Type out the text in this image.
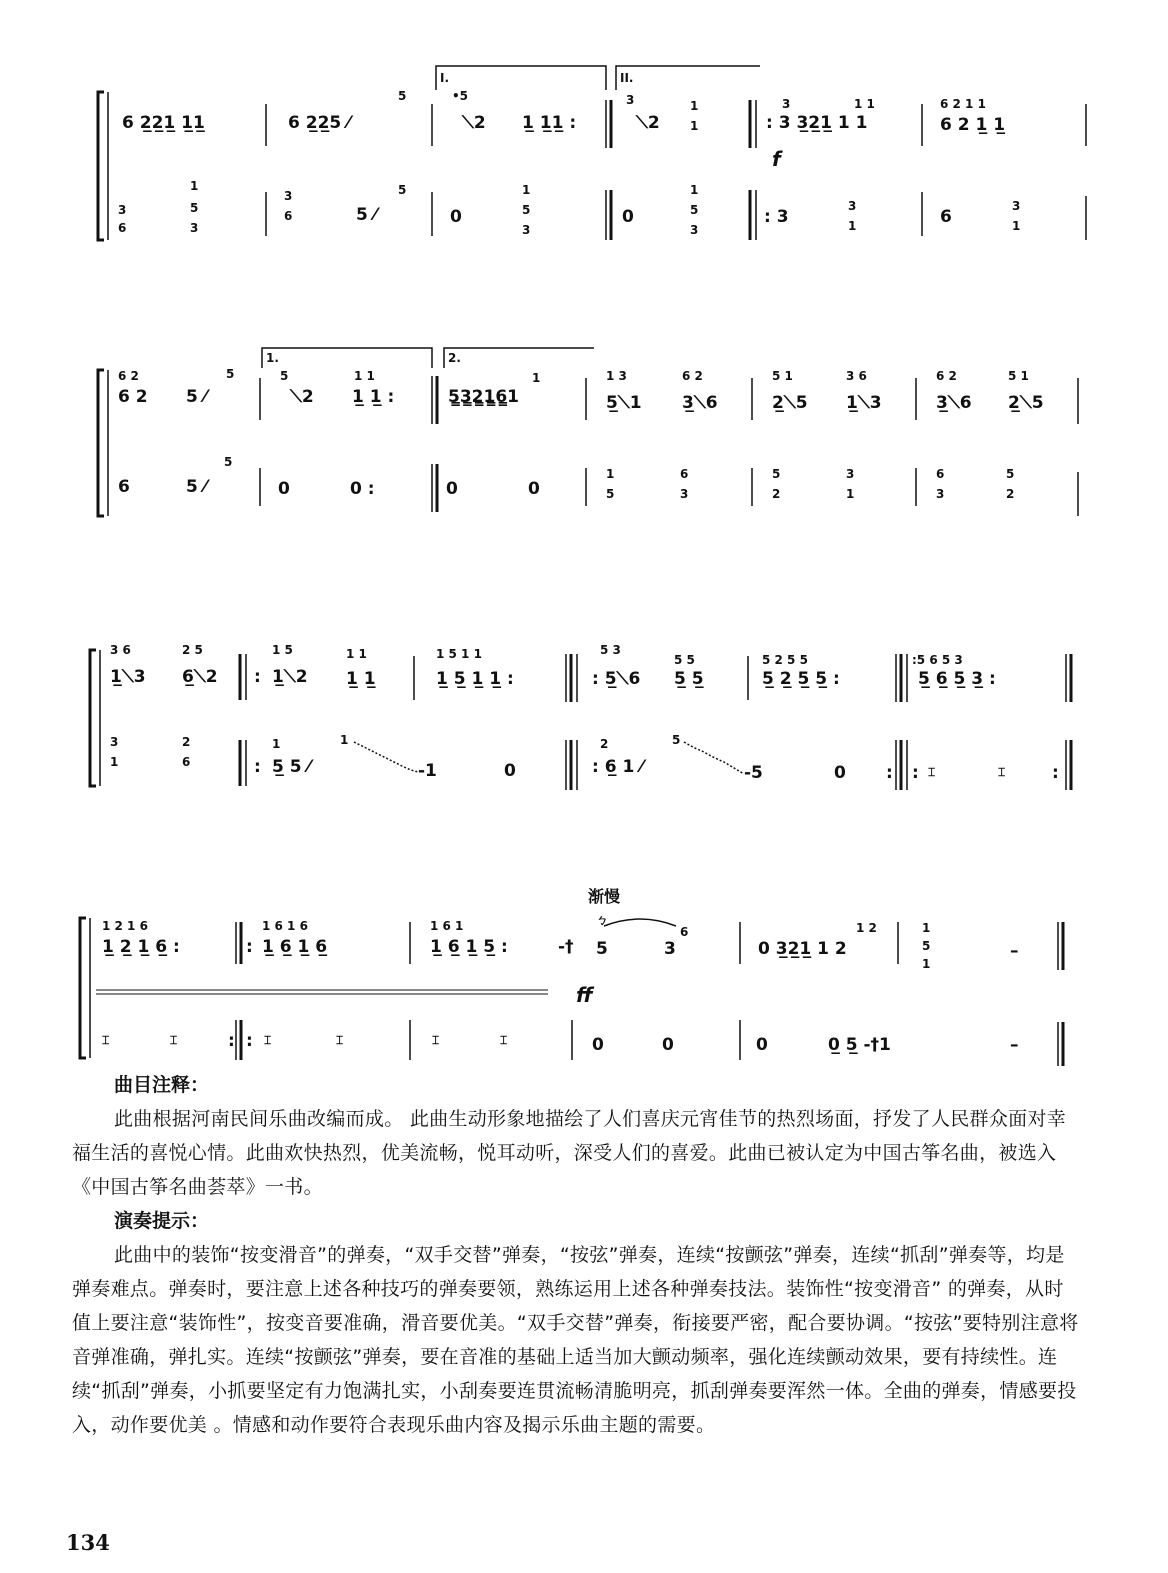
I.	II.
6 2̲2̲1̲ 1̲1̲	6 2̲2̲5 ⁄
5	•5
⟍2 1̲ 1̲1̲ :
3
⟍2
1
1	: 3 3̲2̲1̲ 1 1
3	1 1
f
6 2 1 1
6 2 1̲ 1̲
3
6
1
5
3
3
6	5 ⁄
5
0
1
5
3
0
1
5
3
: 3
3
1	6
3
1
1.	2.
6 2
6 2 5 ⁄
5	5
⟍2
1 1
1̲ 1̲ :	5̳3̳2̳1̳6̳1
1	1 3
5̲⟍1
6 2
3̲⟍6
5 1
2̲⟍5
3 6
1̲⟍3
6 2
3̲⟍6
5 1
2̲⟍5
6	5 ⁄
5
0	0 :	0	0
1
5
6
3
5
2
3
1
6
3
5
2
3 6
1̲⟍3
2 5
6̲⟍2 :
1 5
1̲⟍2
1 1
1̲ 1̲
1 5 1 1
1̲ 5̲ 1̲ 1̲ :
5 3
: 5̲⟍6
5 5
5̲ 5̲
5 2 5 5
5̲ 2̲ 5̲ 5̲ :
:5 6 5 3
5̲ 6̲ 5̲ 3̲ :
3
1
2
6	:
1
5̲ 5 ⁄
1
‐1	0
2
: 6̲ 1 ⁄
5
‐5	0 : : ⌶	⌶	:
渐慢
1 2 1 6
1̲ 2̲ 1̲ 6̲ :	:
1 6 1 6
1̲ 6̲ 1̲ 6̲
1 6 1
1̲ 6̲ 1̲ 5̲ :	‐†
ㄅ
5	3
6
ff
0 3̲2̲1̲ 1 2
1 2	1
5
1
–
⌶	⌶	: : ⌶	⌶	⌶	⌶	0	0	0	0̲ 5̲ ‐†1	–
曲目注释：

此曲根据河南民间乐曲改编而成。 此曲生动形象地描绘了人们喜庆元宵佳节的热烈场面，抒发了人民群众面对幸福生活的喜悦心情。此曲欢快热烈，优美流畅，悦耳动听，深受人们的喜爱。此曲已被认定为中国古筝名曲，被选入《中国古筝名曲荟萃》一书。

演奏提示：

此曲中的装饰“按变滑音”的弹奏，“双手交替”弹奏，“按弦”弹奏，连续“按颤弦”弹奏，连续“抓刮”弹奏等，均是弹奏难点。弹奏时，要注意上述各种技巧的弹奏要领，熟练运用上述各种弹奏技法。装饰性“按变滑音” 的弹奏，从时值上要注意“装饰性”，按变音要准确，滑音要优美。“双手交替”弹奏，衔接要严密，配合要协调。“按弦”要特别注意将音弹准确，弹扎实。连续“按颤弦”弹奏，要在音准的基础上适当加大颤动频率，强化连续颤动效果，要有持续性。连续“抓刮”弹奏，小抓要坚定有力饱满扎实，小刮奏要连贯流畅清脆明亮，抓刮弹奏要浑然一体。全曲的弹奏，情感要投入，动作要优美 。情感和动作要符合表现乐曲内容及揭示乐曲主题的需要。

134
